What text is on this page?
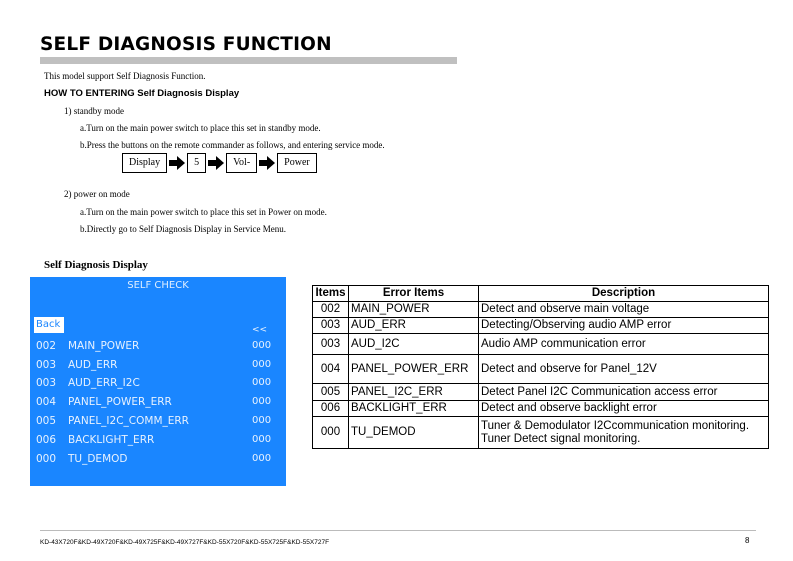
SELF DIAGNOSIS FUNCTION
This model support Self Diagnosis Function.
HOW TO ENTERING Self Diagnosis Display
1) standby mode
a.Turn on the main power switch to place this set in standby mode.
b.Press the buttons on the remote commander as follows, and entering service mode.
Display	5	Vol-	Power
2) power on mode
a.Turn on the main power switch to place this set in Power on mode.
b.Directly go to Self Diagnosis Display in Service Menu.
Self Diagnosis Display
SELF CHECK
Back	<<
002 MAIN_POWER	000
003 AUD_ERR	000
003 AUD_ERR_I2C	000
004 PANEL_POWER_ERR	000
005 PANEL_I2C_COMM_ERR	000
006 BACKLIGHT_ERR	000
000 TU_DEMOD	000
Items	Error Items	Description
002	MAIN_POWER	Detect and observe main voltage
003	AUD_ERR	Detecting/Observing audio AMP error
003	AUD_I2C	Audio AMP communication error
004	PANEL_POWER_ERR	Detect and observe for Panel_12V
005	PANEL_I2C_ERR	Detect Panel I2C Communication access error
006	BACKLIGHT_ERR	Detect and observe backlight error
000	TU_DEMOD	Tuner & Demodulator I2Ccommunication monitoring.
Tuner Detect signal monitoring.
KD-43X720F&KD-49X720F&KD-49X725F&KD-49X727F&KD-55X720F&KD-55X725F&KD-55X727F	8
